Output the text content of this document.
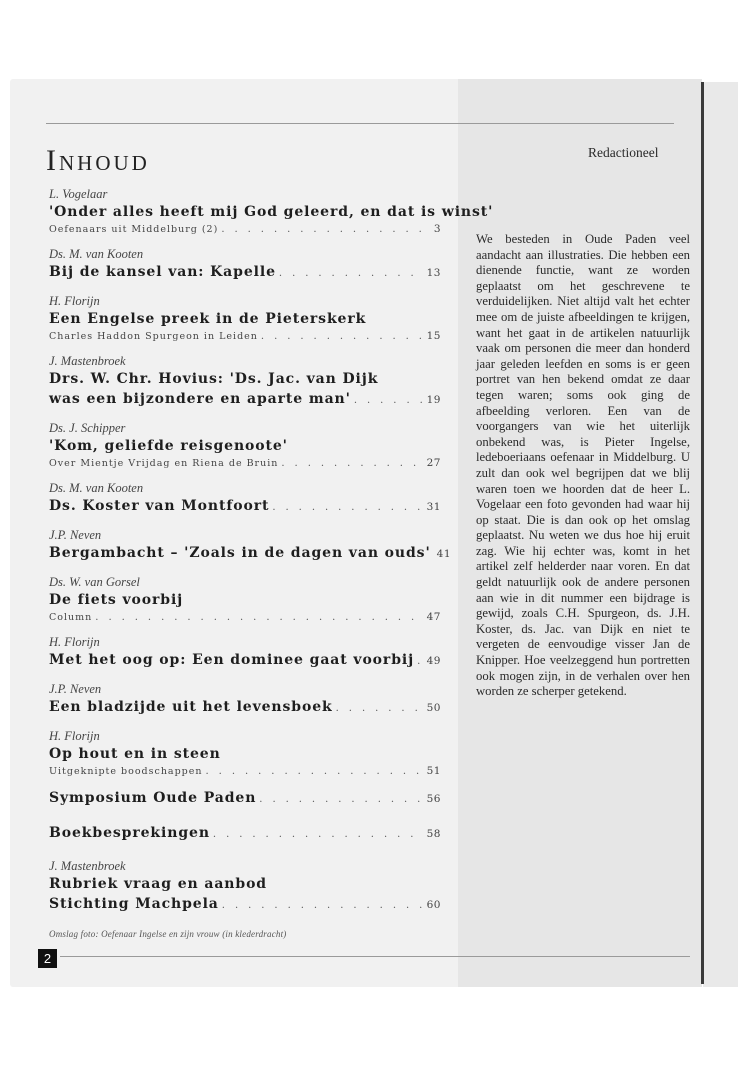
Inhoud
L. Vogelaar
'Onder alles heeft mij God geleerd, en dat is winst'
Oefenaars uit Middelburg (2) . . .	3
Ds. M. van Kooten
Bij de kansel van: Kapelle . . .	13
H. Florijn
Een Engelse preek in de Pieterskerk
Charles Haddon Spurgeon in Leiden . . .	15
J. Mastenbroek
Drs. W. Chr. Hovius: 'Ds. Jac. van Dijk
was een bijzondere en aparte man' . . .	19
Ds. J. Schipper
'Kom, geliefde reisgenoote'
Over Mientje Vrijdag en Riena de Bruin . . .	27
Ds. M. van Kooten
Ds. Koster van Montfoort . . .	31
J.P. Neven
Bergambacht – 'Zoals in de dagen van ouds' 41
Ds. W. van Gorsel
De fiets voorbij
Column . . .	47
H. Florijn
Met het oog op: Een dominee gaat voorbij . . . 49
J.P. Neven
Een bladzijde uit het levensboek . . .	50
H. Florijn
Op hout en in steen
Uitgeknipte boodschappen . . .	51
Symposium Oude Paden . . .	56
Boekbesprekingen . . .	58
J. Mastenbroek
Rubriek vraag en aanbod
Stichting Machpela . . .	60
Redactioneel

We besteden in Oude Paden veel aandacht aan illustraties. Die hebben een dienende functie, want ze worden geplaatst om het geschrevene te verduidelijken. Niet altijd valt het echter mee om de juiste afbeeldingen te krijgen, want het gaat in de artikelen natuurlijk vaak om personen die meer dan honderd jaar geleden leefden en soms is er geen portret van hen bekend omdat ze daar tegen waren; soms ook ging de afbeelding verloren. Een van de voorgangers van wie het uiterlijk onbekend was, is Pieter Ingelse, ledeboeriaans oefenaar in Middelburg. U zult dan ook wel begrijpen dat we blij waren toen we hoorden dat de heer L. Vogelaar een foto gevonden had waar hij op staat. Die is dan ook op het omslag geplaatst. Nu weten we dus hoe hij eruit zag. Wie hij echter was, komt in het artikel zelf helderder naar voren. En dat geldt natuurlijk ook de andere personen aan wie in dit nummer een bijdrage is gewijd, zoals C.H. Spurgeon, ds. J.H. Koster, ds. Jac. van Dijk en niet te vergeten de eenvoudige visser Jan de Knipper. Hoe veelzeggend hun portretten ook mogen zijn, in de verhalen over hen worden ze scherper getekend.

Omslag foto: Oefenaar Ingelse en zijn vrouw (in klederdracht)
2
